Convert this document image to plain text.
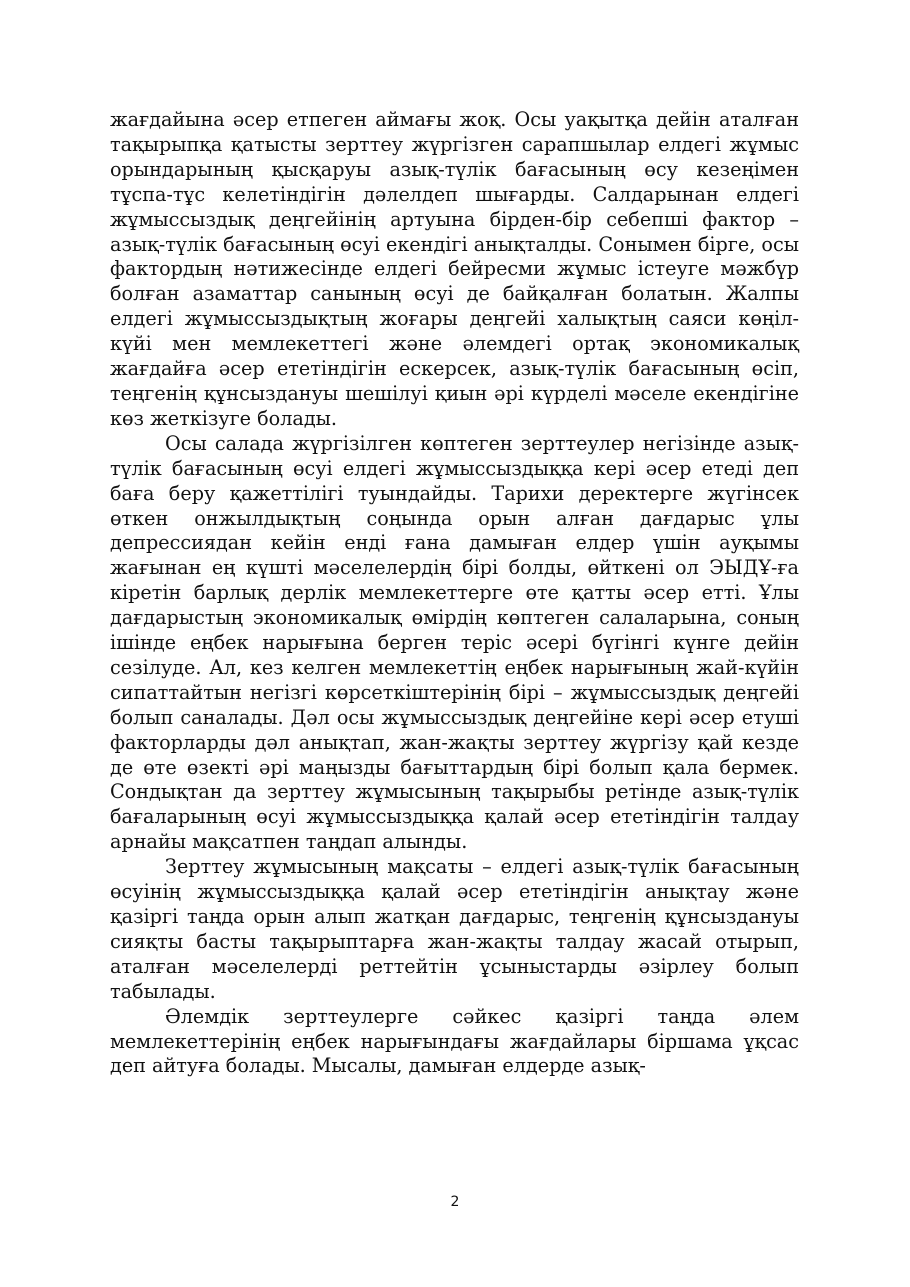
жағдайына әсер етпеген аймағы жоқ. Осы уақытқа дейін аталған тақырыпқа қатысты зерттеу жүргізген сарапшылар елдегі жұмыс орындарының қысқаруы азық-түлік бағасының өсу кезеңімен тұспа-тұс келетіндігін дәлелдеп шығарды. Салдарынан елдегі жұмыссыздық деңгейінің артуына бірден-бір себепші фактор – азық-түлік бағасының өсуі екендігі анықталды. Сонымен бірге, осы фактордың нәтижесінде елдегі бейресми жұмыс істеуге мәжбүр болған азаматтар санының өсуі де байқалған болатын. Жалпы елдегі жұмыссыздықтың жоғары деңгейі халықтың саяси көңіл-күйі мен мемлекеттегі және әлемдегі ортақ экономикалық жағдайға әсер ететіндігін ескерсек, азық-түлік бағасының өсіп, теңгенің құнсыздануы шешілуі қиын әрі күрделі мәселе екендігіне көз жеткізуге болады.

Осы салада жүргізілген көптеген зерттеулер негізінде азық-түлік бағасының өсуі елдегі жұмыссыздыққа кері әсер етеді деп баға беру қажеттілігі туындайды. Тарихи деректерге жүгінсек өткен онжылдықтың соңында орын алған дағдарыс ұлы депрессиядан кейін енді ғана дамыған елдер үшін ауқымы жағынан ең күшті мәселелердің бірі болды, өйткені ол ЭЫДҰ-ға кіретін барлық дерлік мемлекеттерге өте қатты әсер етті. Ұлы дағдарыстың экономикалық өмірдің көптеген салаларына, соның ішінде еңбек нарығына берген теріс әсері бүгінгі күнге дейін сезілуде. Ал, кез келген мемлекеттің еңбек нарығының жай-күйін сипаттайтын негізгі көрсеткіштерінің бірі – жұмыссыздық деңгейі болып саналады. Дәл осы жұмыссыздық деңгейіне кері әсер етуші факторларды дәл анықтап, жан-жақты зерттеу жүргізу қай кезде де өте өзекті әрі маңызды бағыттардың бірі болып қала бермек. Сондықтан да зерттеу жұмысының тақырыбы ретінде азық-түлік бағаларының өсуі жұмыссыздыққа қалай әсер ететіндігін талдау арнайы мақсатпен таңдап алынды.

Зерттеу жұмысының мақсаты – елдегі азық-түлік бағасының өсуінің жұмыссыздыққа қалай әсер ететіндігін анықтау және қазіргі таңда орын алып жатқан дағдарыс, теңгенің құнсыздануы сияқты басты тақырыптарға жан-жақты талдау жасай отырып, аталған мәселелерді реттейтін ұсыныстарды әзірлеу болып табылады.

Әлемдік зерттеулерге сәйкес қазіргі таңда әлем мемлекеттерінің еңбек нарығындағы жағдайлары біршама ұқсас деп айтуға болады. Мысалы, дамыған елдерде азық-

2
